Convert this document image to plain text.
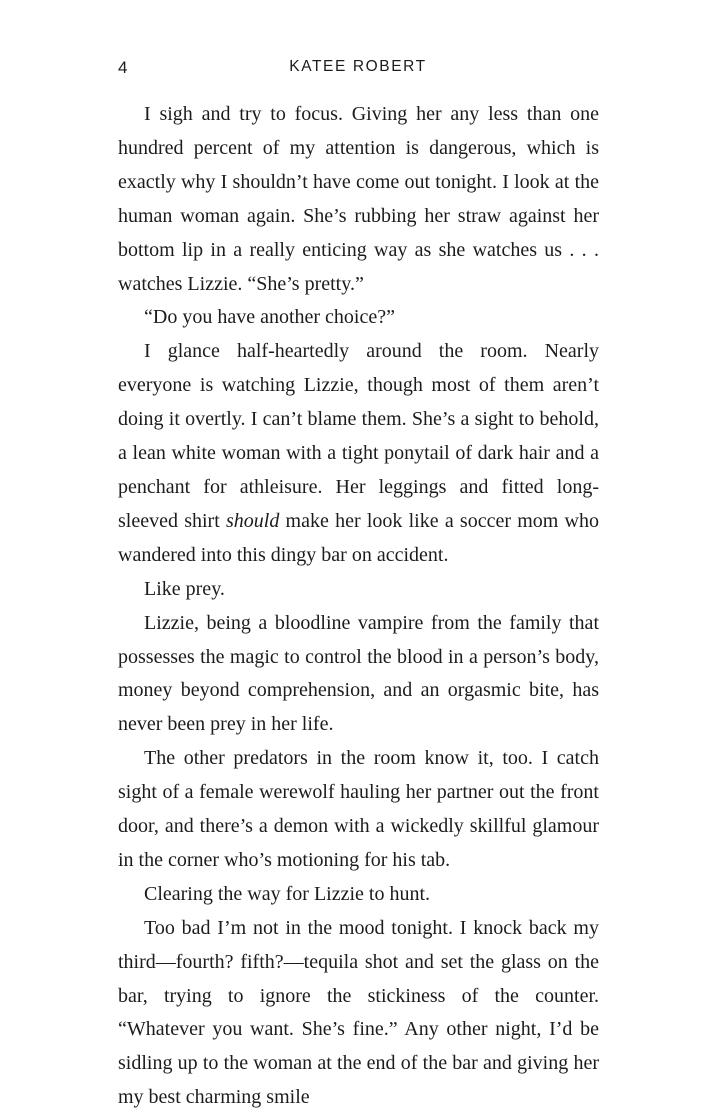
4	KATEE ROBERT

I sigh and try to focus. Giving her any less than one hundred percent of my attention is dangerous, which is exactly why I shouldn’t have come out tonight. I look at the human woman again. She’s rubbing her straw against her bottom lip in a really enticing way as she watches us . . . watches Lizzie. “She’s pretty.”

“Do you have another choice?”

I glance half-heartedly around the room. Nearly everyone is watching Lizzie, though most of them aren’t doing it overtly. I can’t blame them. She’s a sight to behold, a lean white woman with a tight ponytail of dark hair and a penchant for athleisure. Her leggings and fitted long-sleeved shirt should make her look like a soccer mom who wandered into this dingy bar on accident.

Like prey.

Lizzie, being a bloodline vampire from the family that possesses the magic to control the blood in a person’s body, money beyond comprehension, and an orgasmic bite, has never been prey in her life.

The other predators in the room know it, too. I catch sight of a female werewolf hauling her partner out the front door, and there’s a demon with a wickedly skillful glamour in the corner who’s motioning for his tab.

Clearing the way for Lizzie to hunt.

Too bad I’m not in the mood tonight. I knock back my third—fourth? fifth?—tequila shot and set the glass on the bar, trying to ignore the stickiness of the counter. “Whatever you want. She’s fine.” Any other night, I’d be sidling up to the woman at the end of the bar and giving her my best charming smile
